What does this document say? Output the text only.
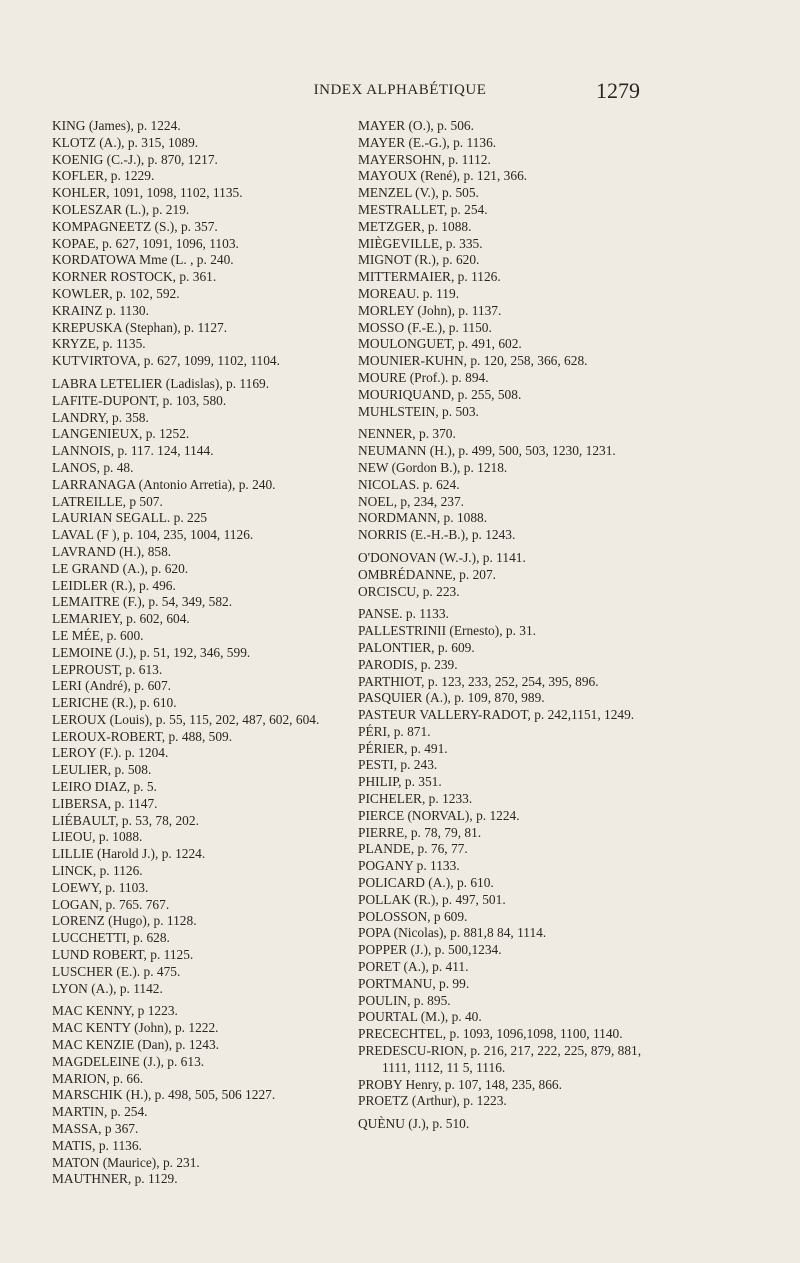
INDEX ALPHABÉTIQUE	1279
KING (James), p. 1224.
KLOTZ (A.), p. 315, 1089.
KOENIG (C.-J.), p. 870, 1217.
KOFLER, p. 1229.
KOHLER, 1091, 1098, 1102, 1135.
KOLESZAR (L.), p. 219.
KOMPAGNEETZ (S.), p. 357.
KOPAE, p. 627, 1091, 1096, 1103.
KORDATOWA Mme (L. , p. 240.
KORNER ROSTOCK, p. 361.
KOWLER, p. 102, 592.
KRAINZ p. 1130.
KREPUSKA (Stephan), p. 1127.
KRYZE, p. 1135.
KUTVIRTOVA, p. 627, 1099, 1102, 1104.
LABRA LETELIER (Ladislas), p. 1169.
LAFITE-DUPONT, p. 103, 580.
LANDRY, p. 358.
LANGENIEUX, p. 1252.
LANNOIS, p. 117. 124, 1144.
LANOS, p. 48.
LARRANAGA (Antonio Arretia), p. 240.
LATREILLE, p 507.
LAURIAN SEGALL. p. 225
LAVAL (F ), p. 104, 235, 1004, 1126.
LAVRAND (H.), 858.
LE GRAND (A.), p. 620.
LEIDLER (R.), p. 496.
LEMAITRE (F.), p. 54, 349, 582.
LEMARIEY, p. 602, 604.
LE MÉE, p. 600.
LEMOINE (J.), p. 51, 192, 346, 599.
LEPROUST, p. 613.
LERI (André), p. 607.
LERICHE (R.), p. 610.
LEROUX (Louis), p. 55, 115, 202, 487, 602, 604.
LEROUX-ROBERT, p. 488, 509.
LEROY (F.). p. 1204.
LEULIER, p. 508.
LEIRO DIAZ, p. 5.
LIBERSA, p. 1147.
LIÉBAULT, p. 53, 78, 202.
LIEOU, p. 1088.
LILLIE (Harold J.), p. 1224.
LINCK, p. 1126.
LOEWY, p. 1103.
LOGAN, p. 765. 767.
LORENZ (Hugo), p. 1128.
LUCCHETTI, p. 628.
LUND ROBERT, p. 1125.
LUSCHER (E.). p. 475.
LYON (A.), p. 1142.
MAC KENNY, p 1223.
MAC KENTY (John), p. 1222.
MAC KENZIE (Dan), p. 1243.
MAGDELEINE (J.), p. 613.
MARION, p. 66.
MARSCHIK (H.), p. 498, 505, 506 1227.
MARTIN, p. 254.
MASSA, p 367.
MATIS, p. 1136.
MATON (Maurice), p. 231.
MAUTHNER, p. 1129.
MAYER (O.), p. 506.
MAYER (E.-G.), p. 1136.
MAYERSOHN, p. 1112.
MAYOUX (René), p. 121, 366.
MENZEL (V.), p. 505.
MESTRALLET, p. 254.
METZGER, p. 1088.
MIÈGEVILLE, p. 335.
MIGNOT (R.), p. 620.
MITTERMAIER, p. 1126.
MOREAU. p. 119.
MORLEY (John), p. 1137.
MOSSO (F.-E.), p. 1150.
MOULONGUET, p. 491, 602.
MOUNIER-KUHN, p. 120, 258, 366, 628.
MOURE (Prof.). p. 894.
MOURIQUAND, p. 255, 508.
MUHLSTEIN, p. 503.
NENNER, p. 370.
NEUMANN (H.), p. 499, 500, 503, 1230, 1231.
NEW (Gordon B.), p. 1218.
NICOLAS. p. 624.
NOEL, p, 234, 237.
NORDMANN, p. 1088.
NORRIS (E.-H.-B.), p. 1243.
O'DONOVAN (W.-J.), p. 1141.
OMBRÉDANNE, p. 207.
ORCISCU, p. 223.
PANSE. p. 1133.
PALLESTRINII (Ernesto), p. 31.
PALONTIER, p. 609.
PARODIS, p. 239.
PARTHIOT, p. 123, 233, 252, 254, 395, 896.
PASQUIER (A.), p. 109, 870, 989.
PASTEUR VALLERY-RADOT, p. 242,1151, 1249.
PÉRI, p. 871.
PÉRIER, p. 491.
PESTI, p. 243.
PHILIP, p. 351.
PICHELER, p. 1233.
PIERCE (NORVAL), p. 1224.
PIERRE, p. 78, 79, 81.
PLANDE, p. 76, 77.
POGANY p. 1133.
POLICARD (A.), p. 610.
POLLAK (R.), p. 497, 501.
POLOSSON, p 609.
POPA (Nicolas), p. 881,8 84, 1114.
POPPER (J.), p. 500,1234.
PORET (A.), p. 411.
PORTMANU, p. 99.
POULIN, p. 895.
POURTAL (M.), p. 40.
PRECECHTEL, p. 1093, 1096,1098, 1100, 1140.
PREDESCU-RION, p. 216, 217, 222, 225, 879, 881, 1111, 1112, 11 5, 1116.
PROBY Henry, p. 107, 148, 235, 866.
PROETZ (Arthur), p. 1223.
QUÈNU (J.), p. 510.
